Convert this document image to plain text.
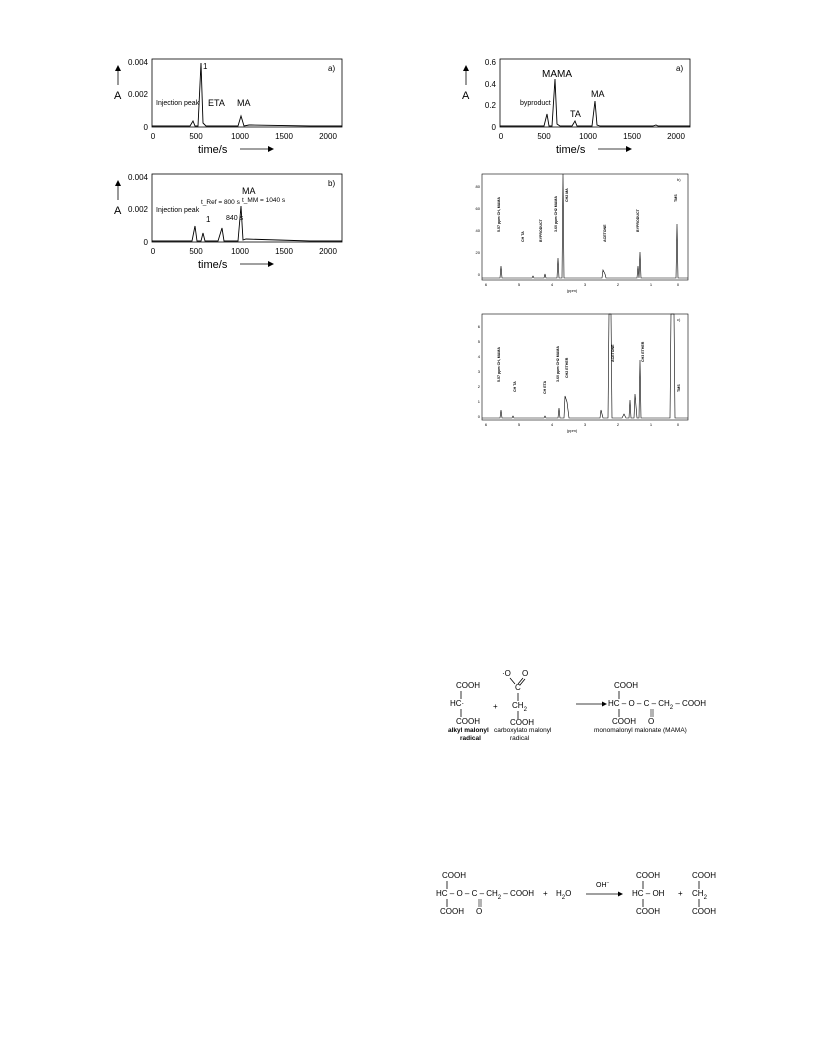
0.004
0.002
0
0	500	1000	1500	2000
A
time/s
a)
1
Injection peak ETA MA
0.004
0.002
0
0	500	1000	1500	2000
A
time/s
b)
MA
t_Ref = 800 s t_MM = 1040 s
Injection peak
1 840 s
0.6
0.4
0.2
0
0	500	1000	1500	2000
A
time/s
a)
MAMA
byproduct
TA
MA
80
60
40
20
0
6	5	4	3	2	1	0
(ppm)
b)
5.57 ppm CH, MAMA
CH TA	BYPRODUCT	3.60 ppm CH2 MAMA
CH2 MA
ACETONE
BYPRODUCT
TMS
6
5
4
3
2
1
0
6	5	4	3	2	1	0
(ppm)
c)
5.57 ppm CH, MAMA
CH TA	CH ETA
3.60 ppm CH2 MAMA CH2 ETHER
ACETONE	CH3 ETHER
TMS
COOH
HC·
COOH
alkyl malonyl
radical
+
·O O
C
$CH_2$
COOH
carboxylato malonyl
radical
COOH
HC – O – C – $CH_2$ – COOH
COOH O
monomalonyl malonate (MAMA)
COOH
HC – O – C – $CH_2$ – COOH
COOH O
+ $H_2O$
OH−
COOH
HC – OH
COOH
+
COOH
$CH_2$
COOH
